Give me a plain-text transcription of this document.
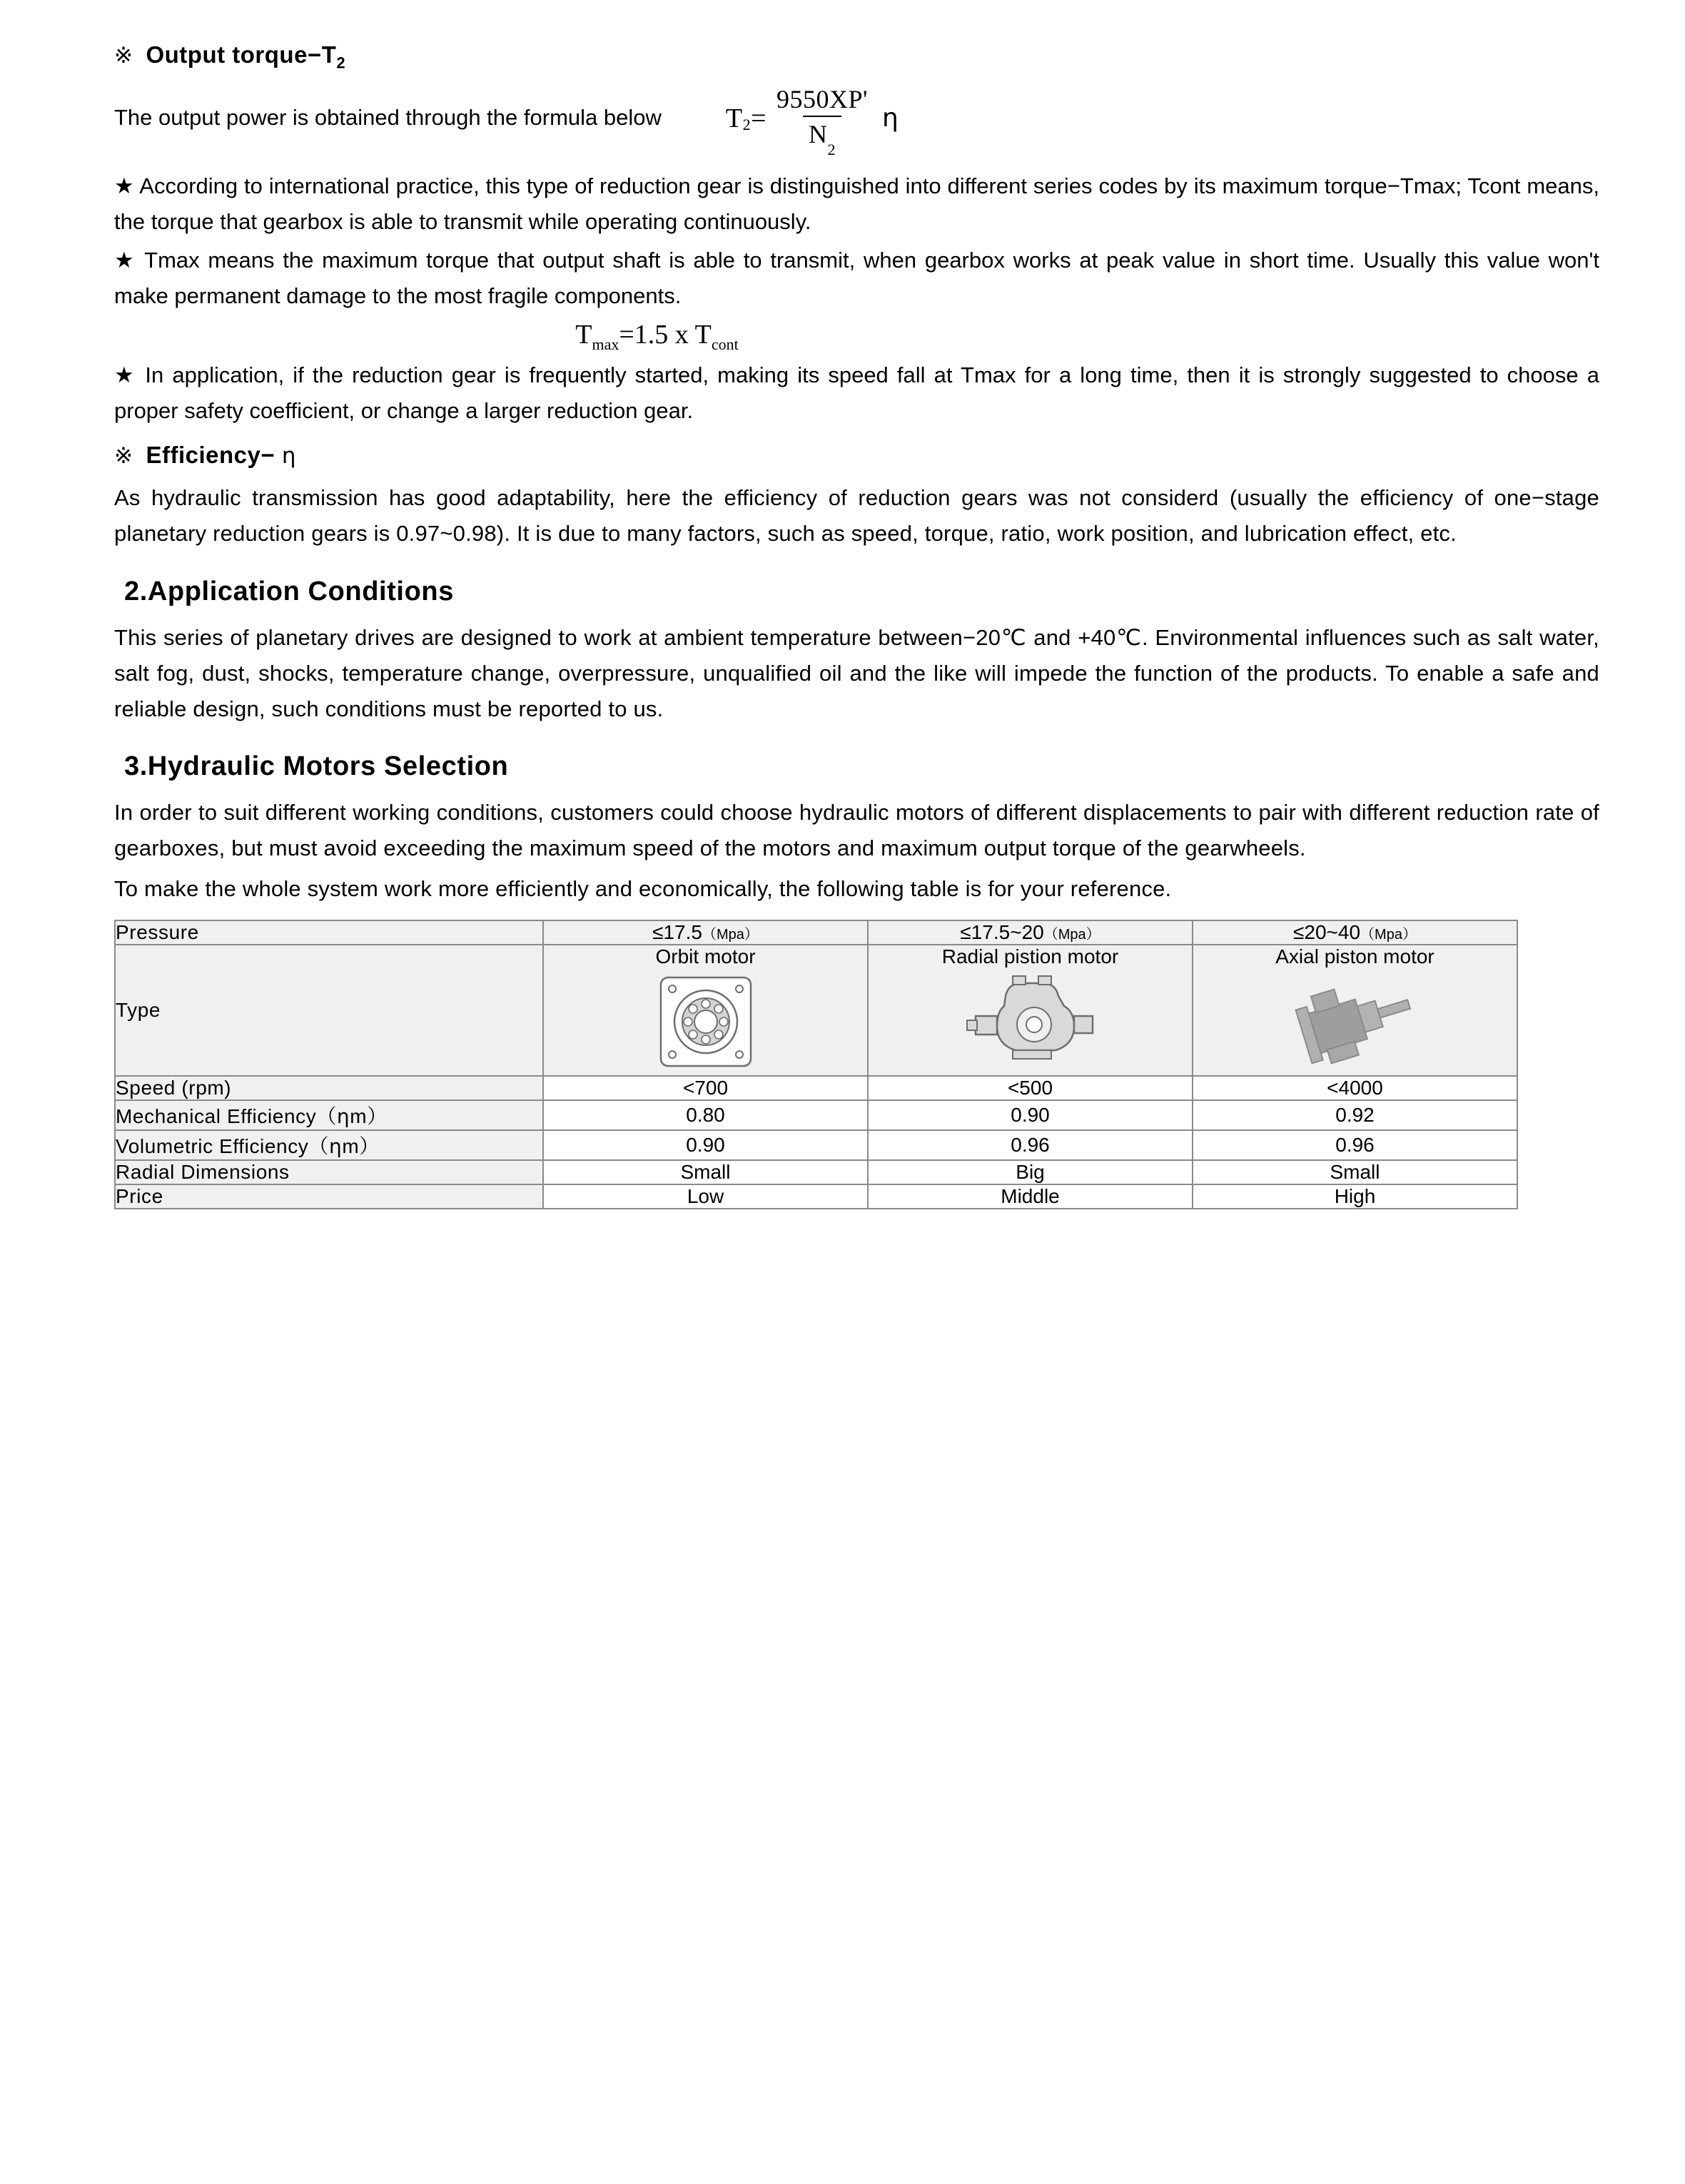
※ Output $torque-T_2$
The output power is obtained through the formula below T $2 = \frac{9550XP'}{N_2}$ η

★ According to international practice, this type of reduction gear is distinguished into different series codes by its maximum torque−Tmax; Tcont means, the torque that gearbox is able to transmit while operating continuously.

★ Tmax means the maximum torque that output shaft is able to transmit, when gearbox works at peak value in short time. Usually this value won't make permanent damage to the most fragile components.

$T_{max}=1.5$ x $T_{cont}$

★ In application, if the reduction gear is frequently started, making its speed fall at Tmax for a long time, then it is strongly suggested to choose a proper safety coefficient, or change a larger reduction gear.

※ Efficiency− η

As hydraulic transmission has good adaptability, here the efficiency of reduction gears was not considerd (usually the efficiency of one−stage planetary reduction gears is 0.97~0.98). It is due to many factors, such as speed, torque, ratio, work position, and lubrication effect, etc.

2.Application Conditions

This series of planetary drives are designed to work at ambient temperature between−20℃ and +40℃. Environmental influences such as salt water, salt fog, dust, shocks, temperature change, overpressure, unqualified oil and the like will impede the function of the products. To enable a safe and reliable design, such conditions must be reported to us.

3.Hydraulic Motors Selection

In order to suit different working conditions, customers could choose hydraulic motors of different displacements to pair with different reduction rate of gearboxes, but must avoid exceeding the maximum speed of the motors and maximum output torque of the gearwheels.

To make the whole system work more efficiently and economically, the following table is for your reference.

Pressure	≤17.5（Mpa）	≤17.5~20（Mpa）	≤20~40（Mpa）
Type	Orbit motor	Radial pistion motor	Axial piston motor

Speed (rpm)	<700	<500	<4000
Mechanical Efficiency（ηm）	0.80	0.90	0.92
Volumetric Efficiency（ηm）	0.90	0.96	0.96
Radial Dimensions	Small	Big	Small
Price	Low	Middle	High
